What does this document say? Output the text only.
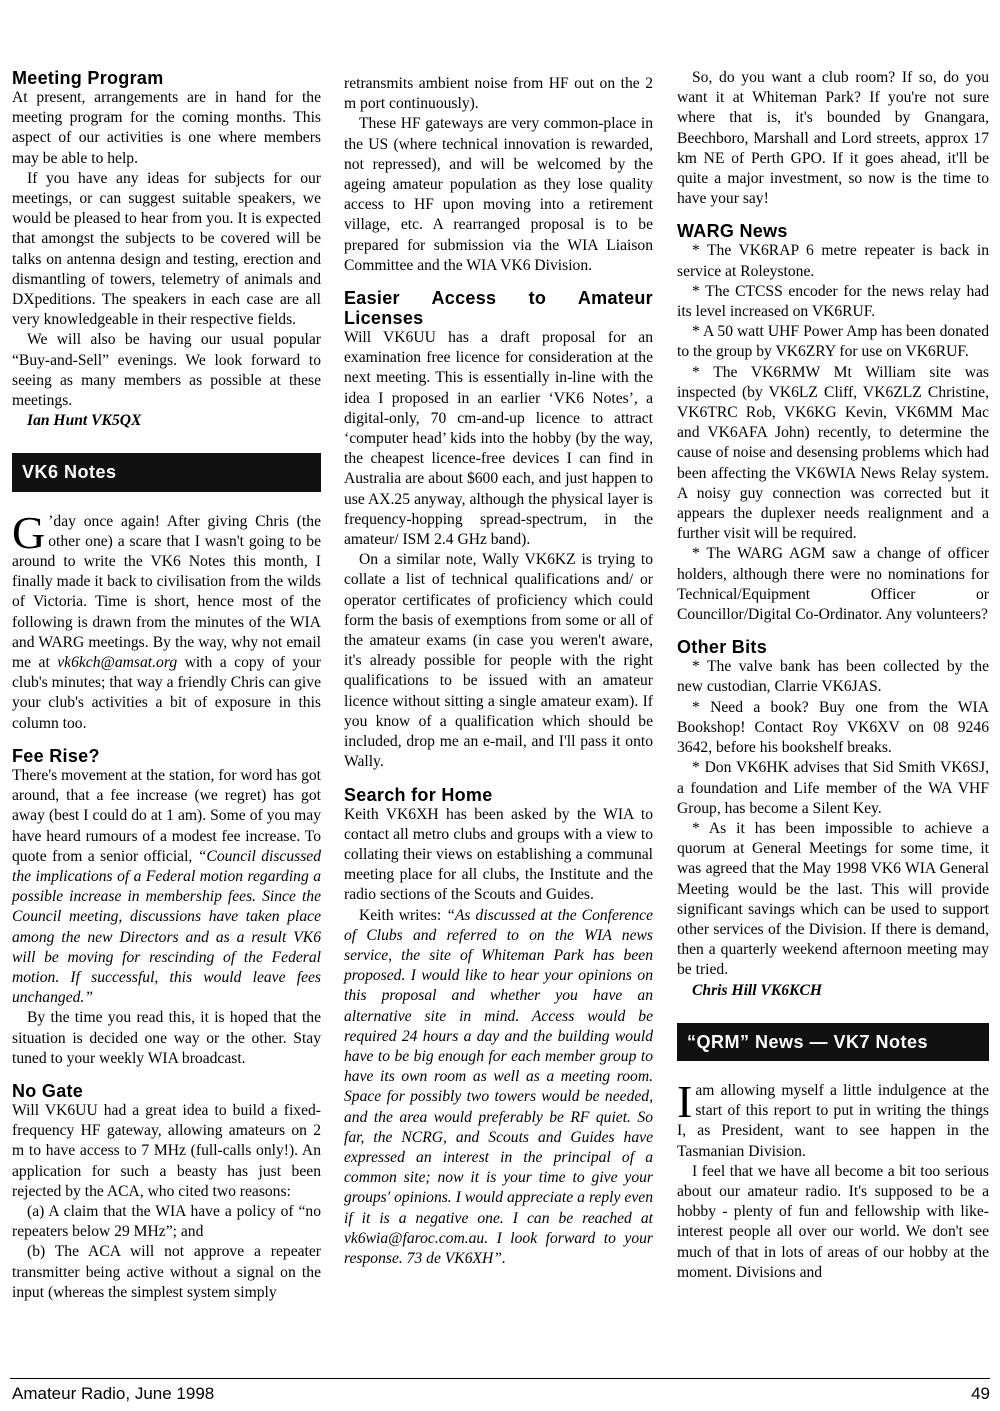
Meeting Program

At present, arrangements are in hand for the meeting program for the coming months. This aspect of our activities is one where members may be able to help.

If you have any ideas for subjects for our meetings, or can suggest suitable speakers, we would be pleased to hear from you. It is expected that amongst the subjects to be covered will be talks on antenna design and testing, erection and dismantling of towers, telemetry of animals and DXpeditions. The speakers in each case are all very knowledgeable in their respective fields.

We will also be having our usual popular “Buy-and-Sell” evenings. We look forward to seeing as many members as possible at these meetings.

Ian Hunt VK5QX

VK6 Notes

G ’day once again! After giving Chris (the other one) a scare that I wasn't going to be around to write the VK6 Notes this month, I finally made it back to civilisation from the wilds of Victoria. Time is short, hence most of the following is drawn from the minutes of the WIA and WARG meetings. By the way, why not email me at vk6kch@amsat.org with a copy of your club's minutes; that way a friendly Chris can give your club's activities a bit of exposure in this column too.

Fee Rise?

There's movement at the station, for word has got around, that a fee increase (we regret) has got away (best I could do at 1 am). Some of you may have heard rumours of a modest fee increase. To quote from a senior official, “Council discussed the implications of a Federal motion regarding a possible increase in membership fees. Since the Council meeting, discussions have taken place among the new Directors and as a result VK6 will be moving for rescinding of the Federal motion. If successful, this would leave fees unchanged.”

By the time you read this, it is hoped that the situation is decided one way or the other. Stay tuned to your weekly WIA broadcast.

No Gate

Will VK6UU had a great idea to build a fixed-frequency HF gateway, allowing amateurs on 2 m to have access to 7 MHz (full-calls only!). An application for such a beasty has just been rejected by the ACA, who cited two reasons:

(a) A claim that the WIA have a policy of “no repeaters below 29 MHz”; and

(b) The ACA will not approve a repeater transmitter being active without a signal on the input (whereas the simplest system simply

retransmits ambient noise from HF out on the 2 m port continuously).

These HF gateways are very common-place in the US (where technical innovation is rewarded, not repressed), and will be welcomed by the ageing amateur population as they lose quality access to HF upon moving into a retirement village, etc. A rearranged proposal is to be prepared for submission via the WIA Liaison Committee and the WIA VK6 Division.

Easier Access to Amateur Licenses

Will VK6UU has a draft proposal for an examination free licence for consideration at the next meeting. This is essentially in-line with the idea I proposed in an earlier ‘VK6 Notes’, a digital-only, 70 cm-and-up licence to attract ‘computer head’ kids into the hobby (by the way, the cheapest licence-free devices I can find in Australia are about $600 each, and just happen to use AX.25 anyway, although the physical layer is frequency-hopping spread-spectrum, in the amateur/ ISM 2.4 GHz band).

On a similar note, Wally VK6KZ is trying to collate a list of technical qualifications and/ or operator certificates of proficiency which could form the basis of exemptions from some or all of the amateur exams (in case you weren't aware, it's already possible for people with the right qualifications to be issued with an amateur licence without sitting a single amateur exam). If you know of a qualification which should be included, drop me an e-mail, and I'll pass it onto Wally.

Search for Home

Keith VK6XH has been asked by the WIA to contact all metro clubs and groups with a view to collating their views on establishing a communal meeting place for all clubs, the Institute and the radio sections of the Scouts and Guides.

Keith writes: “As discussed at the Conference of Clubs and referred to on the WIA news service, the site of Whiteman Park has been proposed. I would like to hear your opinions on this proposal and whether you have an alternative site in mind. Access would be required 24 hours a day and the building would have to be big enough for each member group to have its own room as well as a meeting room. Space for possibly two towers would be needed, and the area would preferably be RF quiet. So far, the NCRG, and Scouts and Guides have expressed an interest in the principal of a common site; now it is your time to give your groups' opinions. I would appreciate a reply even if it is a negative one. I can be reached at vk6wia@faroc.com.au. I look forward to your response. 73 de VK6XH”.

So, do you want a club room? If so, do you want it at Whiteman Park? If you're not sure where that is, it's bounded by Gnangara, Beechboro, Marshall and Lord streets, approx 17 km NE of Perth GPO. If it goes ahead, it'll be quite a major investment, so now is the time to have your say!

WARG News

* The VK6RAP 6 metre repeater is back in service at Roleystone.

* The CTCSS encoder for the news relay had its level increased on VK6RUF.

* A 50 watt UHF Power Amp has been donated to the group by VK6ZRY for use on VK6RUF.

* The VK6RMW Mt William site was inspected (by VK6LZ Cliff, VK6ZLZ Christine, VK6TRC Rob, VK6KG Kevin, VK6MM Mac and VK6AFA John) recently, to determine the cause of noise and desensing problems which had been affecting the VK6WIA News Relay system. A noisy guy connection was corrected but it appears the duplexer needs realignment and a further visit will be required.

* The WARG AGM saw a change of officer holders, although there were no nominations for Technical/Equipment Officer or Councillor/Digital Co-Ordinator. Any volunteers?

Other Bits

* The valve bank has been collected by the new custodian, Clarrie VK6JAS.

* Need a book? Buy one from the WIA Bookshop! Contact Roy VK6XV on 08 9246 3642, before his bookshelf breaks.

* Don VK6HK advises that Sid Smith VK6SJ, a foundation and Life member of the WA VHF Group, has become a Silent Key.

* As it has been impossible to achieve a quorum at General Meetings for some time, it was agreed that the May 1998 VK6 WIA General Meeting would be the last. This will provide significant savings which can be used to support other services of the Division. If there is demand, then a quarterly weekend afternoon meeting may be tried.

Chris Hill VK6KCH

“QRM” News — VK7 Notes

Iam allowing myself a little indulgence at the start of this report to put in writing the things I, as President, want to see happen in the Tasmanian Division.

I feel that we have all become a bit too serious about our amateur radio. It's supposed to be a hobby - plenty of fun and fellowship with like-interest people all over our world. We don't see much of that in lots of areas of our hobby at the moment. Divisions and

Amateur Radio, June 1998	49
